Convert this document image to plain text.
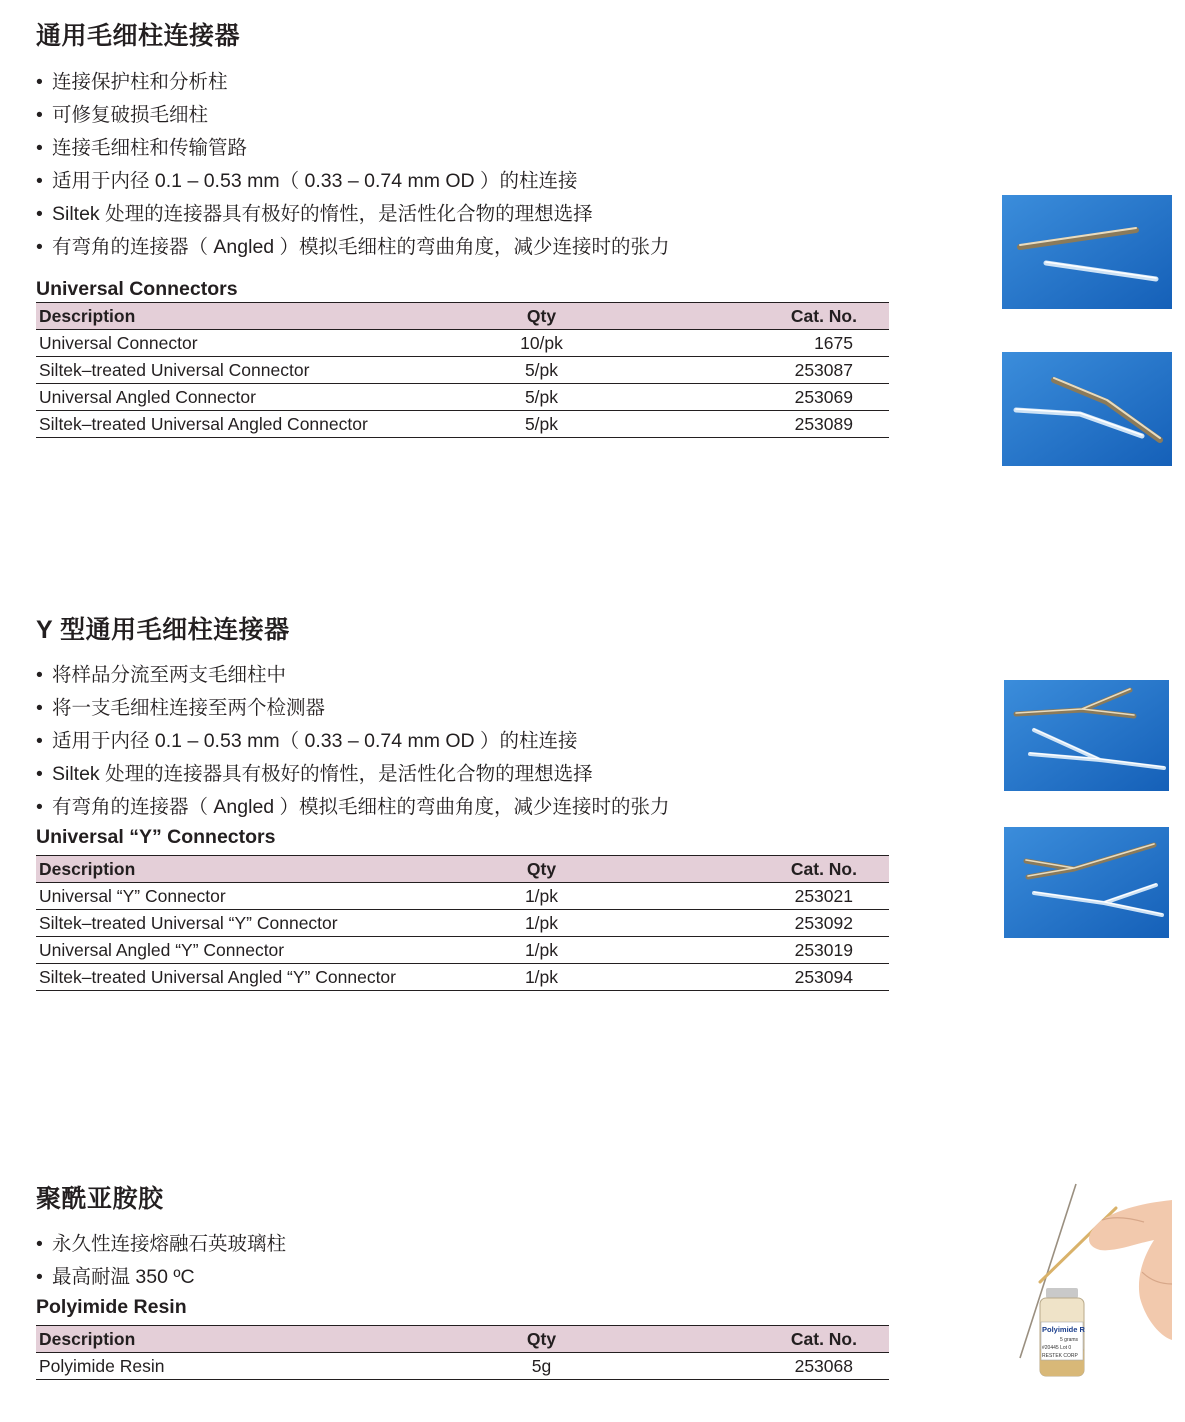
通用毛细柱连接器
• 连接保护柱和分析柱
• 可修复破损毛细柱
• 连接毛细柱和传输管路
• 适用于内径 0.1 – 0.53 mm（ 0.33 – 0.74 mm OD ）的柱连接
• Siltek 处理的连接器具有极好的惰性，是活性化合物的理想选择
• 有弯角的连接器（ Angled ）模拟毛细柱的弯曲角度，减少连接时的张力
Universal Connectors
Description	Qty	Cat. No.
Universal Connector	10/pk	1675
Siltek–treated Universal Connector	5/pk	253087
Universal Angled Connector	5/pk	253069
Siltek–treated Universal Angled Connector	5/pk	253089
Y 型通用毛细柱连接器
• 将样品分流至两支毛细柱中
• 将一支毛细柱连接至两个检测器
• 适用于内径 0.1 – 0.53 mm（ 0.33 – 0.74 mm OD ）的柱连接
• Siltek 处理的连接器具有极好的惰性，是活性化合物的理想选择
• 有弯角的连接器（ Angled ）模拟毛细柱的弯曲角度，减少连接时的张力
Universal “Y” Connectors
Description	Qty	Cat. No.
Universal “Y” Connector	1/pk	253021
Siltek–treated Universal “Y” Connector	1/pk	253092
Universal Angled “Y” Connector	1/pk	253019
Siltek–treated Universal Angled “Y” Connector	1/pk	253094
聚酰亚胺胶
• 永久性连接熔融石英玻璃柱
• 最高耐温 350 ºC
Polyimide Resin
Description	Qty	Cat. No.
Polyimide Resin	5g	253068
Polyimide R
5 grams
#20445 Lot 0
RESTEK CORP
